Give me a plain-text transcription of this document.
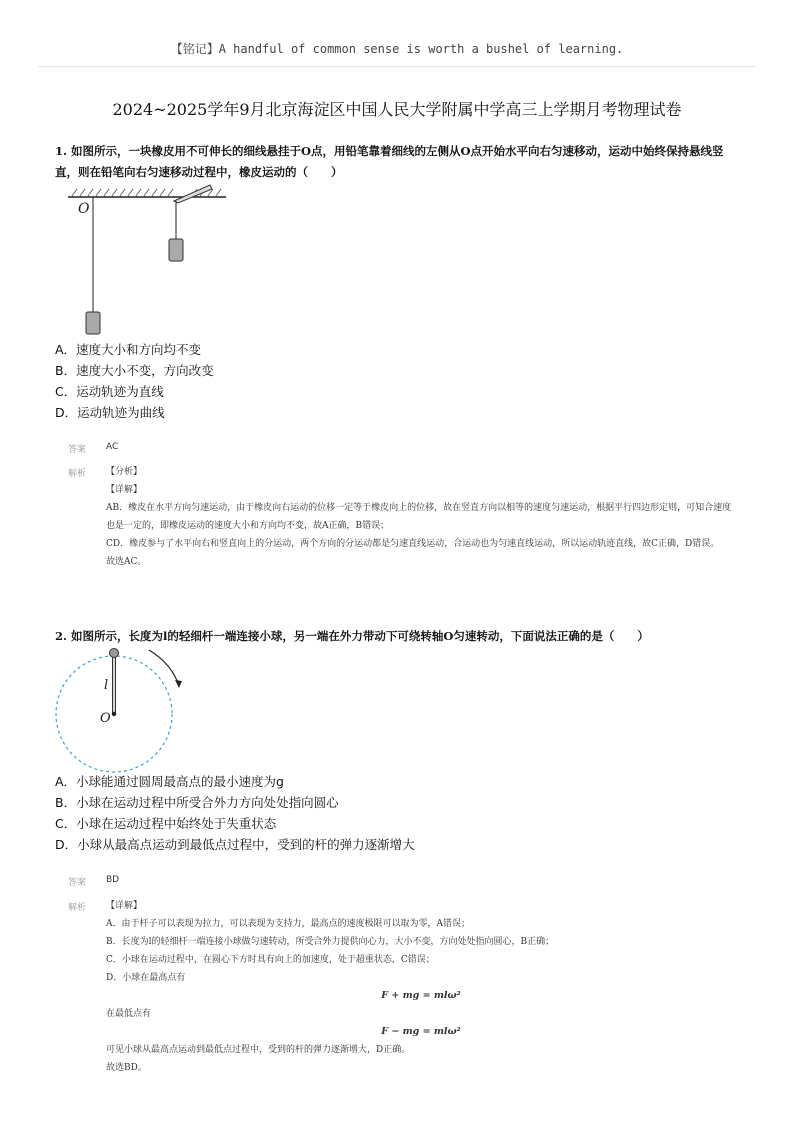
【铭记】A handful of common sense is worth a bushel of learning.
2024~2025学年9月北京海淀区中国人民大学附属中学高三上学期月考物理试卷
1. 如图所示，一块橡皮用不可伸长的细线悬挂于O点，用铅笔靠着细线的左侧从O点开始水平向右匀速移动，运动中始终保持悬线竖直，则在铅笔向右匀速移动过程中，橡皮运动的（　　）
O
A．速度大小和方向均不变
B．速度大小不变，方向改变
C．运动轨迹为直线
D．运动轨迹为曲线
答案 AC
解析 【分析】

【详解】

AB．橡皮在水平方向匀速运动，由于橡皮向右运动的位移一定等于橡皮向上的位移，故在竖直方向以相等的速度匀速运动，根据平行四边形定则，可知合速度也是一定的，即橡皮运动的速度大小和方向均不变，故A正确，B错误；

CD．橡皮参与了水平向右和竖直向上的分运动，两个方向的分运动都是匀速直线运动，合运动也为匀速直线运动，所以运动轨迹直线，故C正确，D错误。

故选AC。

2. 如图所示，长度为l的轻细杆一端连接小球，另一端在外力带动下可绕转轴O匀速转动，下面说法正确的是（　　）
l
O
A．小球能通过圆周最高点的最小速度为g
B．小球在运动过程中所受合外力方向处处指向圆心
C．小球在运动过程中始终处于失重状态
D．小球从最高点运动到最低点过程中，受到的杆的弹力逐渐增大
答案 BD
解析 【详解】

A．由于杆子可以表现为拉力，可以表现为支持力，最高点的速度极限可以取为零，A错误；

B．长度为l的轻细杆一端连接小球做匀速转动，所受合外力提供向心力，大小不变，方向处处指向圆心，B正确；

C．小球在运动过程中，在圆心下方时具有向上的加速度，处于超重状态，C错误；

D．小球在最高点有

F + mg = mlω²

在最低点有

F − mg = mlω²

可见小球从最高点运动到最低点过程中，受到的杆的弹力逐渐增大，D正确。

故选BD。
